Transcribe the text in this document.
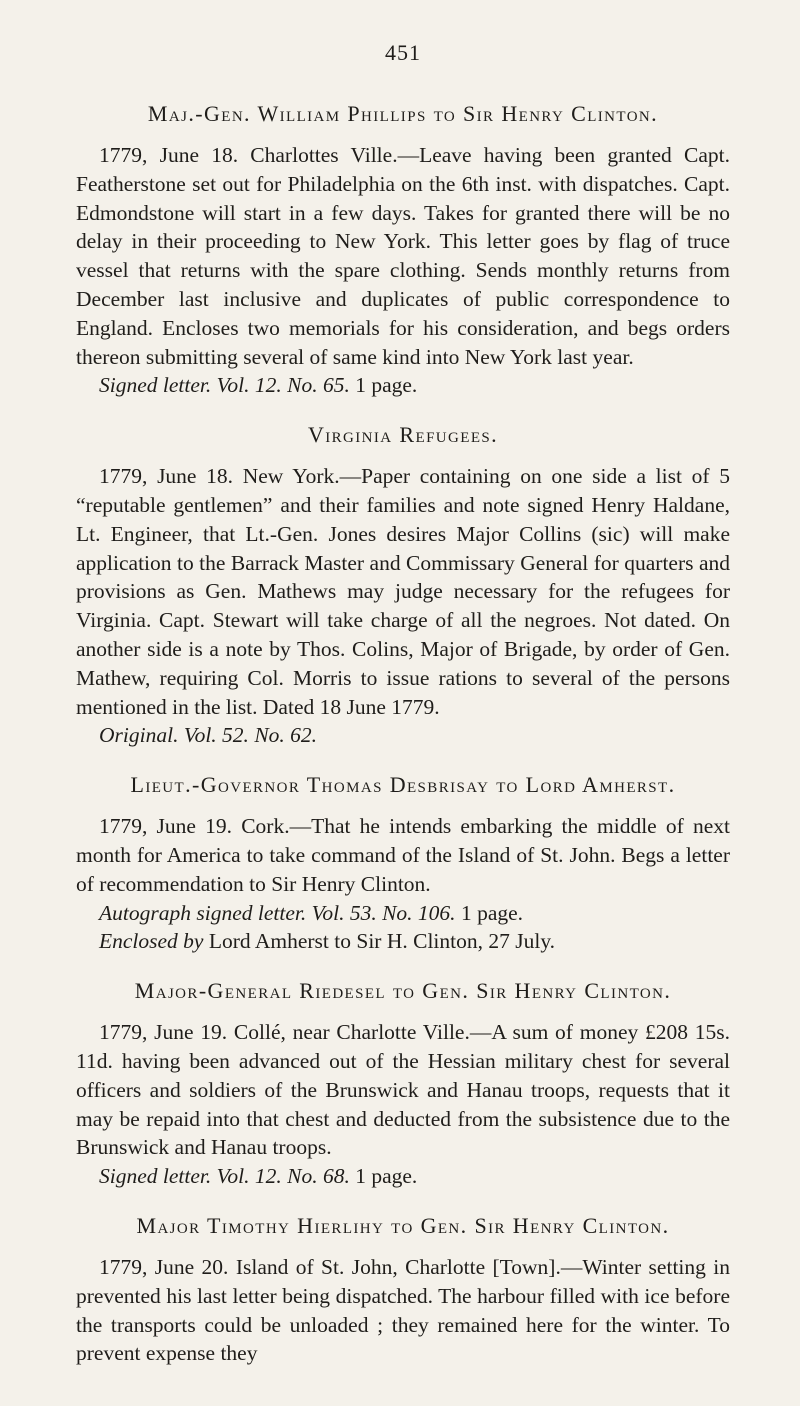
451
Maj.-Gen. William Phillips to Sir Henry Clinton.

1779, June 18. Charlottes Ville.—Leave having been granted Capt. Featherstone set out for Philadelphia on the 6th inst. with dispatches. Capt. Edmondstone will start in a few days. Takes for granted there will be no delay in their proceeding to New York. This letter goes by flag of truce vessel that returns with the spare clothing. Sends monthly returns from December last inclusive and duplicates of public correspondence to England. Encloses two memorials for his consideration, and begs orders thereon submitting several of same kind into New York last year.

Signed letter. Vol. 12. No. 65. 1 page.

Virginia Refugees.

1779, June 18. New York.—Paper containing on one side a list of 5 “reputable gentlemen” and their families and note signed Henry Haldane, Lt. Engineer, that Lt.-Gen. Jones desires Major Collins (sic) will make application to the Barrack Master and Commissary General for quarters and provisions as Gen. Mathews may judge necessary for the refugees for Virginia. Capt. Stewart will take charge of all the negroes. Not dated. On another side is a note by Thos. Colins, Major of Brigade, by order of Gen. Mathew, requiring Col. Morris to issue rations to several of the persons mentioned in the list. Dated 18 June 1779.

Original. Vol. 52. No. 62.

Lieut.-Governor Thomas Desbrisay to Lord Amherst.

1779, June 19. Cork.—That he intends embarking the middle of next month for America to take command of the Island of St. John. Begs a letter of recommendation to Sir Henry Clinton.

Autograph signed letter. Vol. 53. No. 106. 1 page.

Enclosed by Lord Amherst to Sir H. Clinton, 27 July.

Major-General Riedesel to Gen. Sir Henry Clinton.

1779, June 19. Collé, near Charlotte Ville.—A sum of money £208 15s. 11d. having been advanced out of the Hessian military chest for several officers and soldiers of the Brunswick and Hanau troops, requests that it may be repaid into that chest and deducted from the subsistence due to the Brunswick and Hanau troops.

Signed letter. Vol. 12. No. 68. 1 page.

Major Timothy Hierlihy to Gen. Sir Henry Clinton.

1779, June 20. Island of St. John, Charlotte [Town].—Winter setting in prevented his last letter being dispatched. The harbour filled with ice before the transports could be unloaded ; they remained here for the winter. To prevent expense they
